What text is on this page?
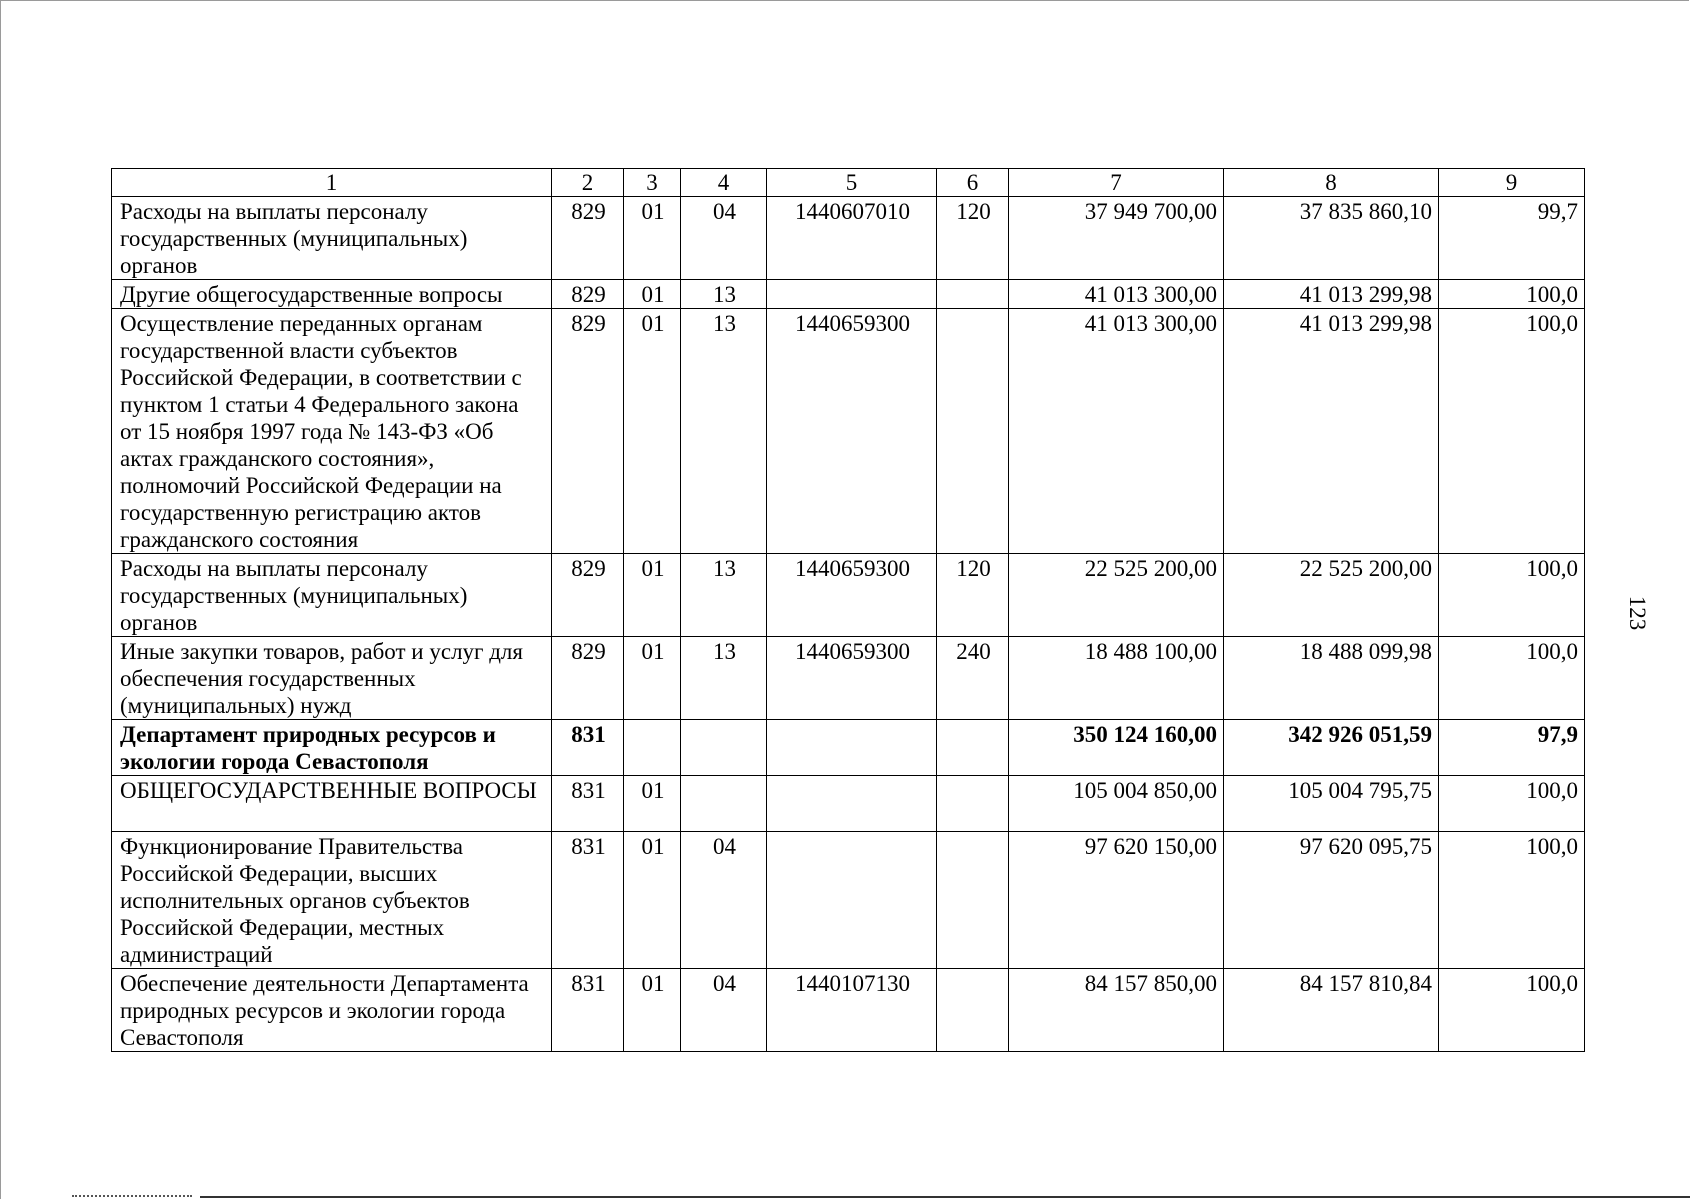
1	2	3	4	5	6	7	8	9
Расходы на выплаты персоналу государственных (муниципальных) органов	829	01	04	1440607010	120	37 949 700,00	37 835 860,10	99,7
Другие общегосударственные вопросы	829	01	13			41 013 300,00	41 013 299,98	100,0
Осуществление переданных органам государственной власти субъектов Российской Федерации, в соответствии с пунктом 1 статьи 4 Федерального закона от 15 ноября 1997 года № 143-ФЗ «Об актах гражданского состояния», полномочий Российской Федерации на государственную регистрацию актов гражданского состояния	829	01	13	1440659300		41 013 300,00	41 013 299,98	100,0
Расходы на выплаты персоналу государственных (муниципальных) органов	829	01	13	1440659300	120	22 525 200,00	22 525 200,00	100,0
Иные закупки товаров, работ и услуг для обеспечения государственных (муниципальных) нужд	829	01	13	1440659300	240	18 488 100,00	18 488 099,98	100,0
Департамент природных ресурсов и экологии города Севастополя	831					350 124 160,00	342 926 051,59	97,9
ОБЩЕГОСУДАРСТВЕННЫЕ ВОПРОСЫ	831	01				105 004 850,00	105 004 795,75	100,0
Функционирование Правительства Российской Федерации, высших исполнительных органов субъектов Российской Федерации, местных администраций	831	01	04			97 620 150,00	97 620 095,75	100,0
Обеспечение деятельности Департамента природных ресурсов и экологии города Севастополя	831	01	04	1440107130		84 157 850,00	84 157 810,84	100,0
123
